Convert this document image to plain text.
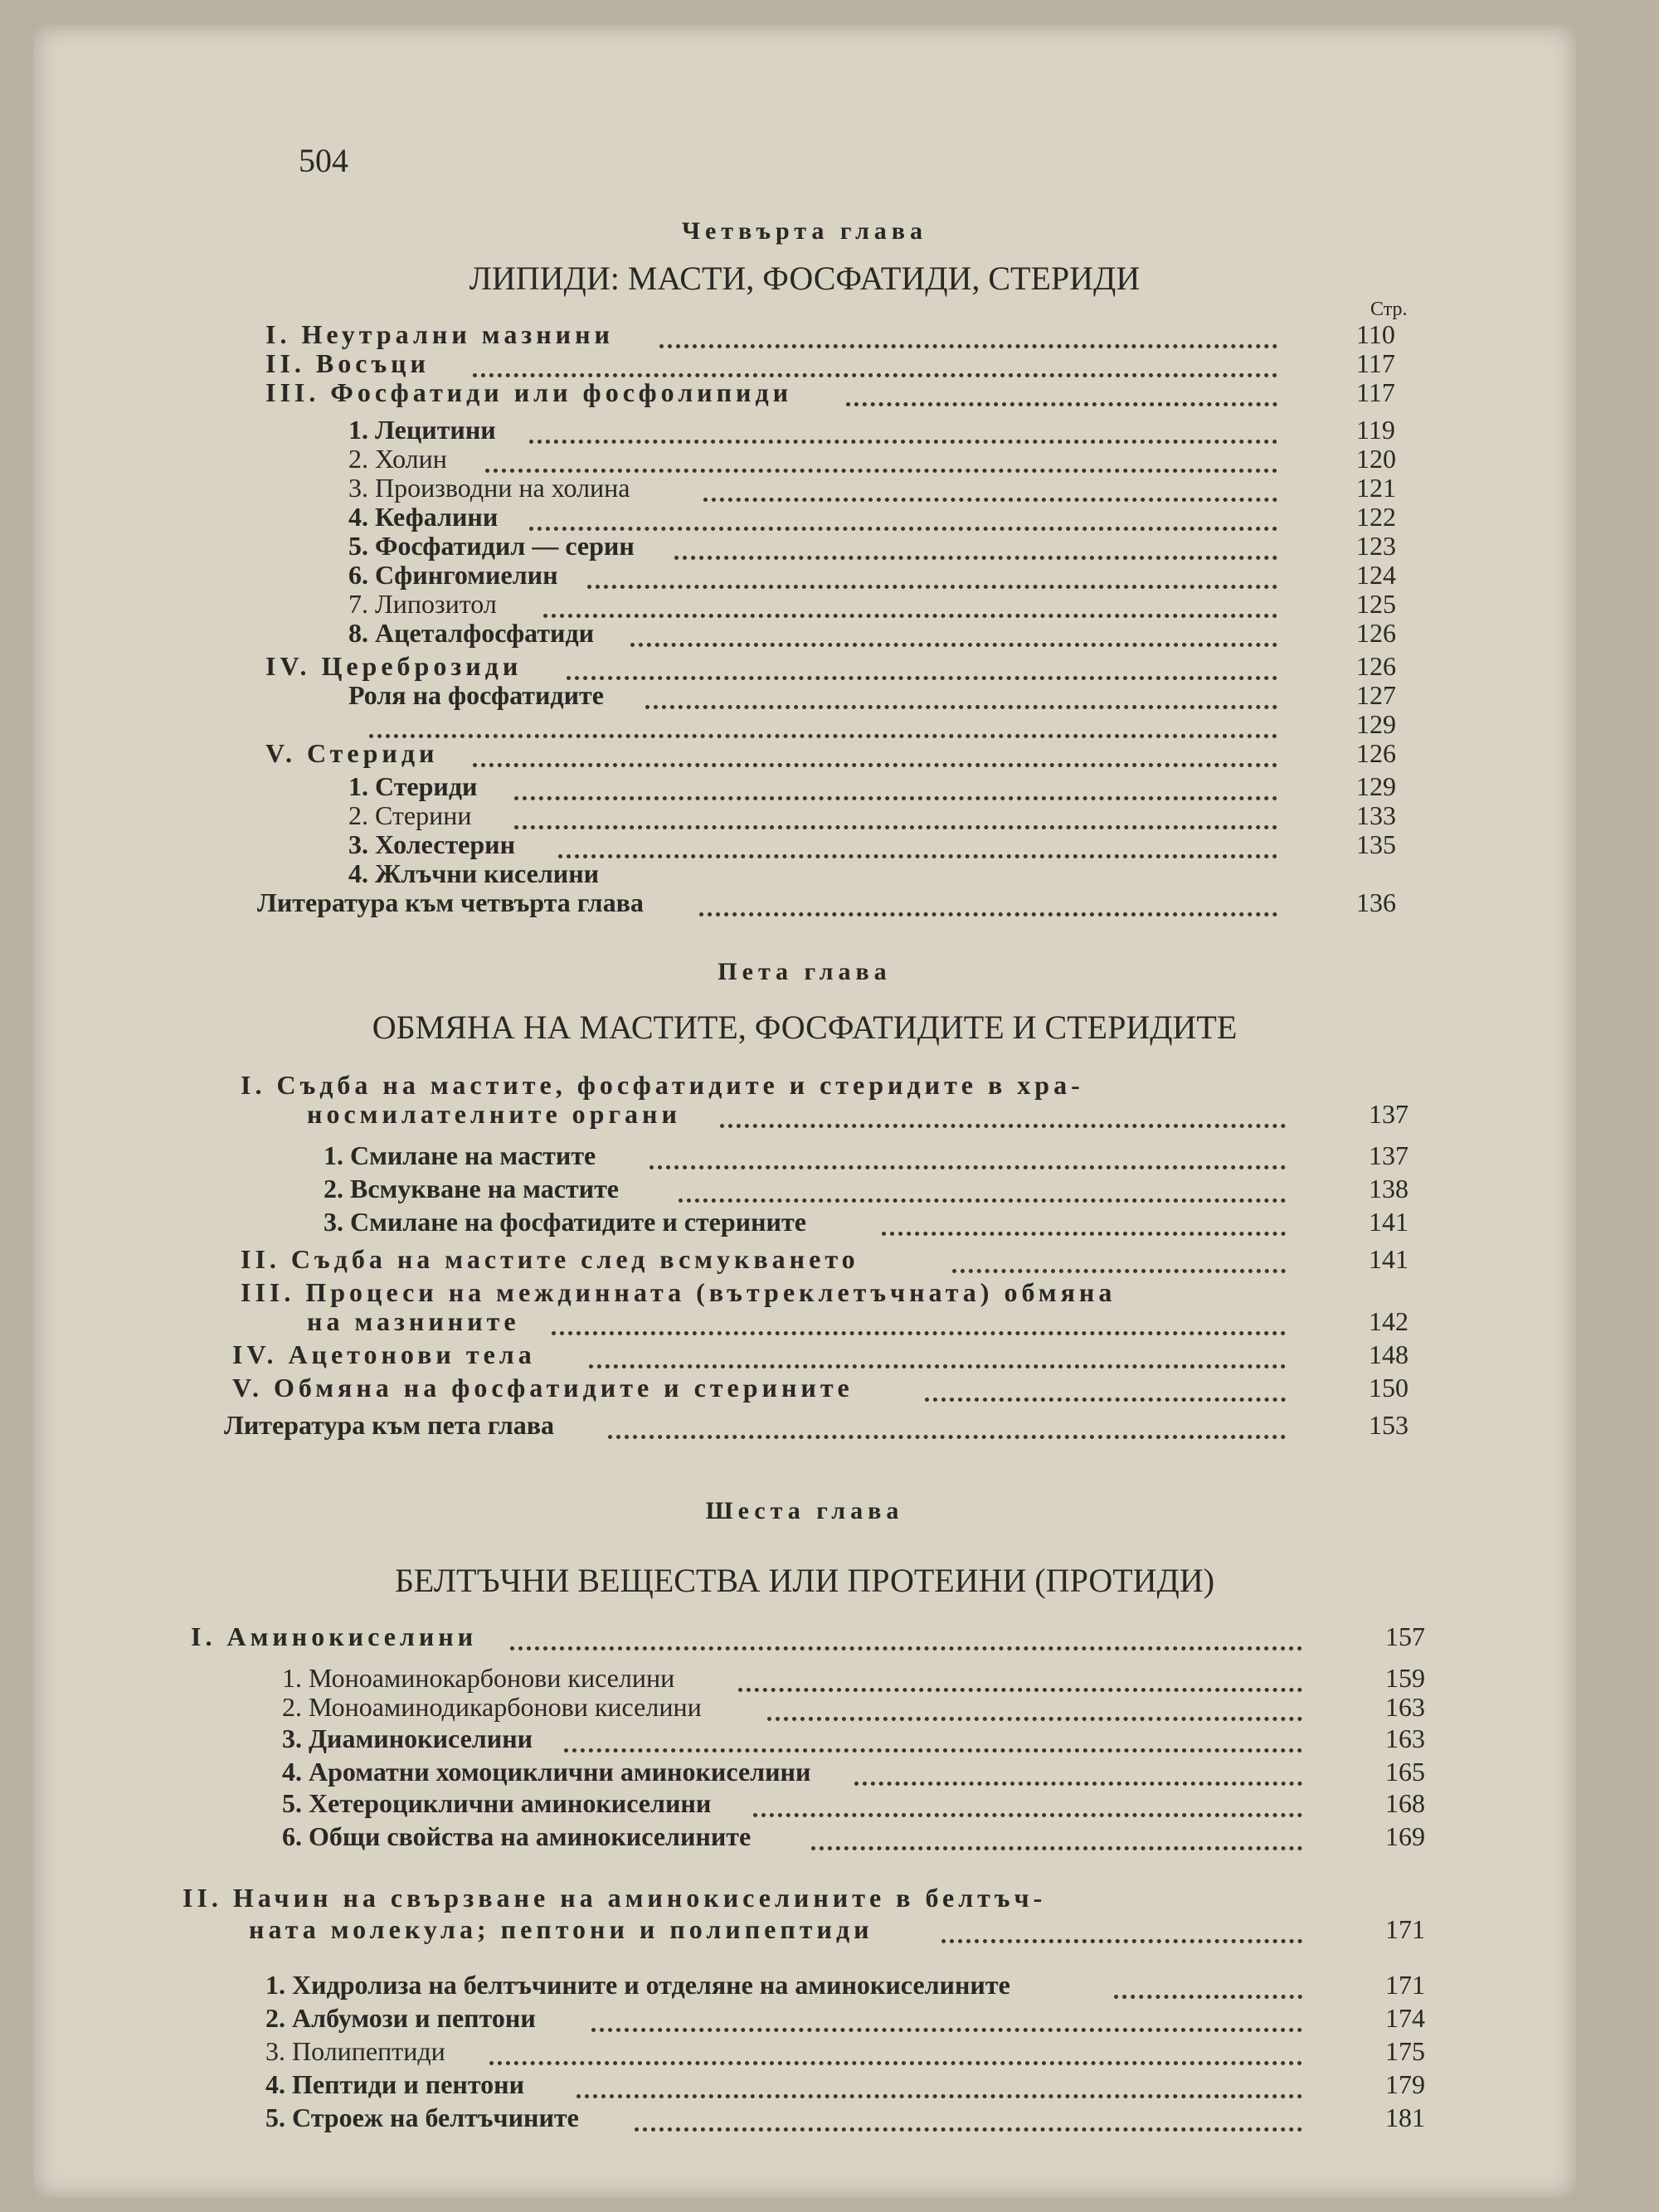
504
Четвърта глава
ЛИПИДИ: МАСТИ, ФОСФАТИДИ, СТЕРИДИ
Стр.
I. Неутрални мазнини	110
II. Восъци	117
III. Фосфатиди или фосфолипиди	117
1. Лецитини	119
2. Холин	120
3. Производни на холина	121
4. Кефалини	122
5. Фосфатидил — серин	123
6. Сфингомиелин	124
7. Липозитол	125
8. Ацеталфосфатиди	126
IV. Цереброзиди	126
Роля на фосфатидите	127
129
V. Стериди	126
1. Стериди	129
2. Стерини	133
3. Холестерин	135
4. Жлъчни киселини
Литература към четвърта глава	136
Пета глава
ОБМЯНА НА МАСТИТЕ, ФОСФАТИДИТЕ И СТЕРИДИТЕ
I. Съдба на мастите, фосфатидите и стеридите в хра-
носмилателните органи	137
1. Смилане на мастите	137
2. Всмукване на мастите	138
3. Смилане на фосфатидите и стерините	141
II. Съдба на мастите след всмукването	141
III. Процеси на междинната (вътреклетъчната) обмяна
на мазнините	142
IV. Ацетонови тела	148
V. Обмяна на фосфатидите и стерините	150
Литература към пета глава	153
Шеста глава
БЕЛТЪЧНИ ВЕЩЕСТВА ИЛИ ПРОТЕИНИ (ПРОТИДИ)
I. Аминокиселини	157
1. Моноаминокарбонови киселини	159
2. Моноаминодикарбонови киселини	163
3. Диаминокиселини	163
4. Ароматни хомоциклични аминокиселини	165
5. Хетероциклични аминокиселини	168
6. Общи свойства на аминокиселините	169
II. Начин на свързване на аминокиселините в белтъч-
ната молекула; пептони и полипептиди	171
1. Хидролиза на белтъчините и отделяне на аминокиселините	171
2. Албумози и пептони	174
3. Полипептиди	175
4. Пептиди и пентони	179
5. Строеж на белтъчините	181
